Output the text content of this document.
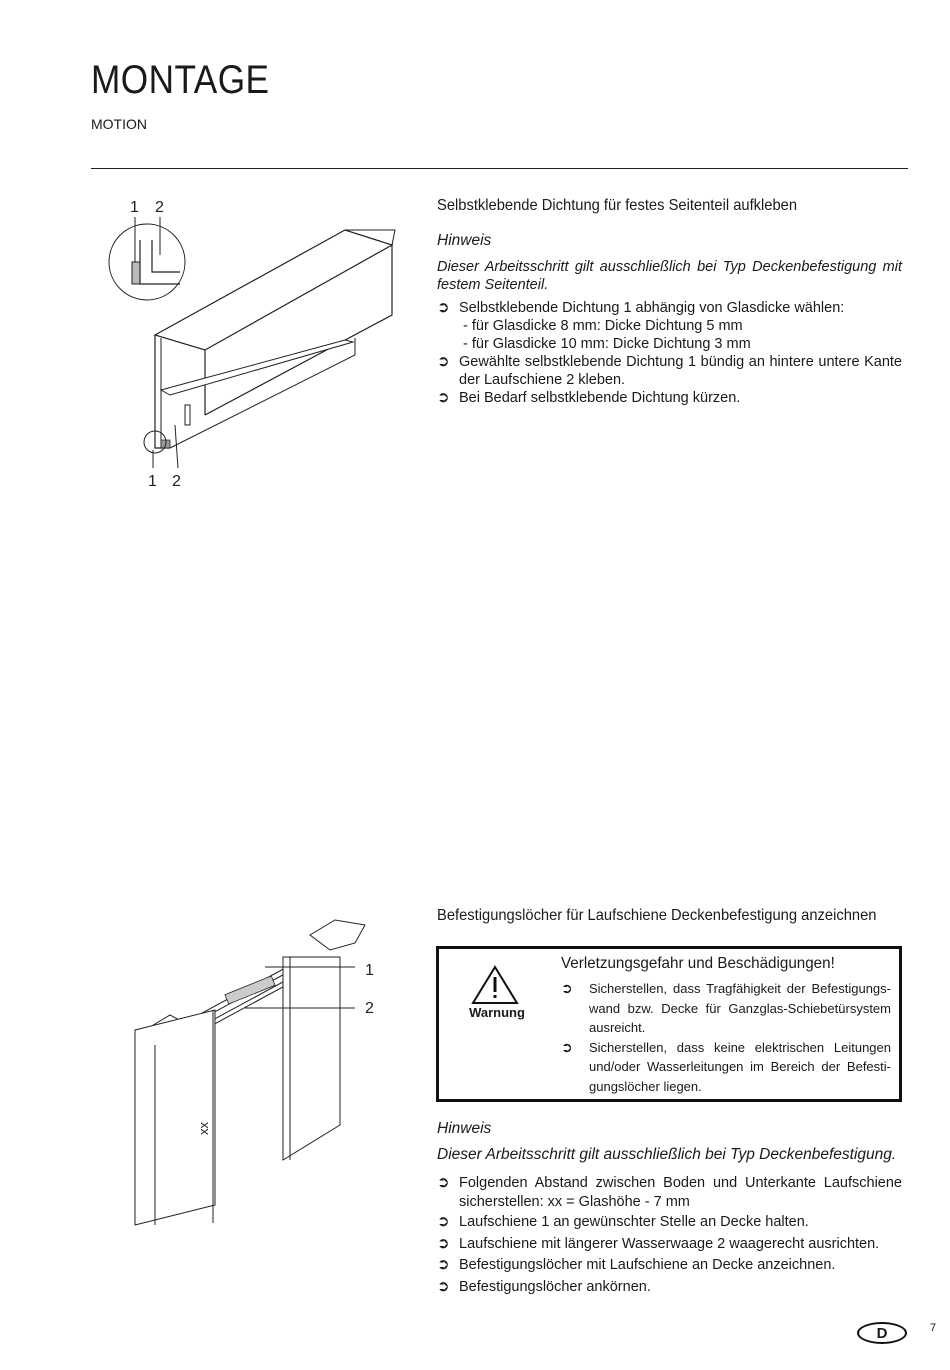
MONTAGE
MOTION
1 2
1 2
Selbstklebende Dichtung für festes Seitenteil aufkleben
Hinweis
Dieser Arbeitsschritt gilt ausschließlich bei Typ Deckenbefestigung mit festem Seitenteil.
➲ Selbstklebende Dichtung 1 abhängig von Glasdicke wählen:
- für Glasdicke 8 mm: Dicke Dichtung 5 mm
- für Glasdicke 10 mm: Dicke Dichtung 3 mm
➲ Gewählte selbstklebende Dichtung 1 bündig an hintere untere Kante der Laufschiene 2 kleben.
➲ Bei Bedarf selbstklebende Dichtung kürzen.
xx
1
2
Befestigungslöcher für Laufschiene Deckenbefestigung anzeichnen
Warnung
Verletzungsgefahr und Beschädigungen!
➲	Sicherstellen, dass Tragfähigkeit der Befestigungs-wand bzw. Decke für Ganzglas-Schiebetürsystem ausreicht.
➲	Sicherstellen, dass keine elektrischen Leitungen und/oder Wasserleitungen im Bereich der Befesti-gungslöcher liegen.
Hinweis
Dieser Arbeitsschritt gilt ausschließlich bei Typ Deckenbefestigung.
➲ Folgenden Abstand zwischen Boden und Unterkante Laufschiene sicherstellen: xx = Glashöhe - 7 mm
➲ Laufschiene 1 an gewünschter Stelle an Decke halten.
➲ Laufschiene mit längerer Wasserwaage 2 waagerecht ausrichten.
➲ Befestigungslöcher mit Laufschiene an Decke anzeichnen.
➲ Befestigungslöcher ankörnen.
D	7
